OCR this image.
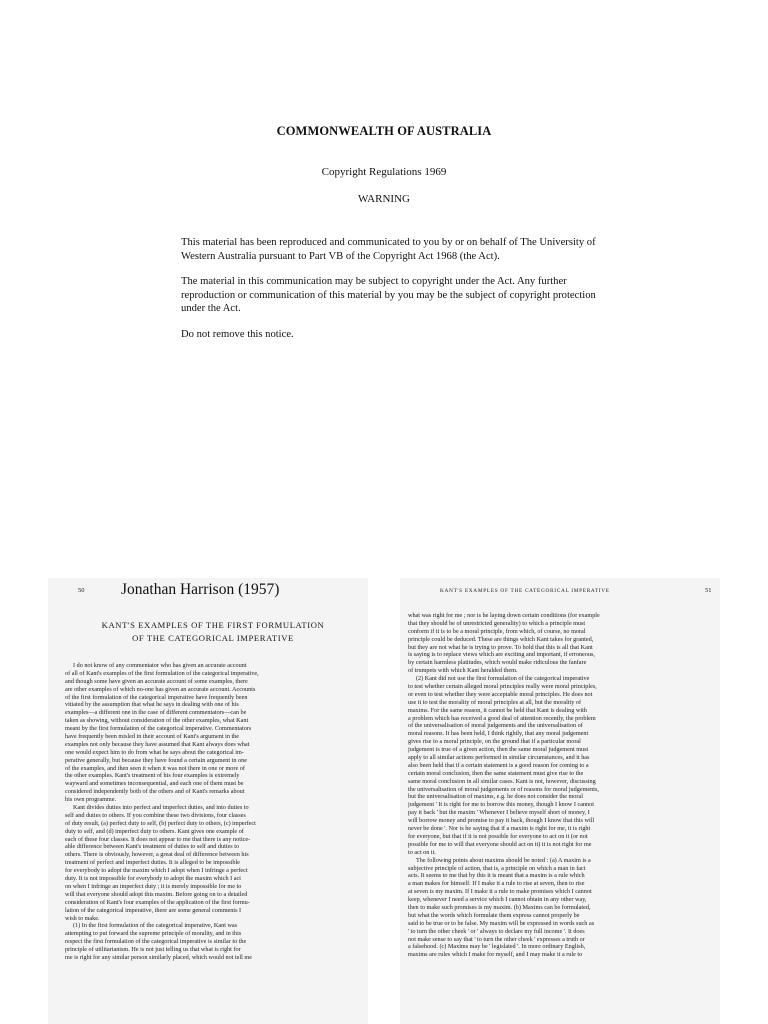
COMMONWEALTH OF AUSTRALIA
Copyright Regulations 1969
WARNING

This material has been reproduced and communicated to you by or on behalf of The University of Western Australia pursuant to Part VB of the Copyright Act 1968 (the Act).

The material in this communication may be subject to copyright under the Act. Any further reproduction or communication of this material by you may be the subject of copyright protection under the Act.

Do not remove this notice.

50 Jonathan Harrison (1957)
KANT'S EXAMPLES OF THE FIRST FORMULATION
OF THE CATEGORICAL IMPERATIVE
I do not know of any commentator who has given an accurate account
of all of Kant's examples of the first formulation of the categorical imperative,
and though some have given an accurate account of some examples, there
are other examples of which no-one has given an accurate account. Accounts
of the first formulation of the categorical imperative have frequently been
vitiated by the assumption that what he says in dealing with one of his
examples—a different one in the case of different commentators—can be
taken as showing, without consideration of the other examples, what Kant
meant by the first formulation of the categorical imperative. Commentators
have frequently been misled in their account of Kant's argument in the
examples not only because they have assumed that Kant always does what
one would expect him to do from what he says about the categorical im-
perative generally, but because they have found a certain argument in one
of the examples, and then seen it when it was not there in one or more of
the other examples. Kant's treatment of his four examples is extremely
wayward and sometimes inconsequential, and each one of them must be
considered independently both of the others and of Kant's remarks about
his own programme.
Kant divides duties into perfect and imperfect duties, and into duties to
self and duties to others. If you combine these two divisions, four classes
of duty result, (a) perfect duty to self, (b) perfect duty to others, (c) imperfect
duty to self, and (d) imperfect duty to others. Kant gives one example of
each of these four classes. It does not appear to me that there is any notice-
able difference between Kant's treatment of duties to self and duties to
others. There is obviously, however, a great deal of difference between his
treatment of perfect and imperfect duties. It is alleged to be impossible
for everybody to adopt the maxim which I adopt when I infringe a perfect
duty. It is not impossible for everybody to adopt the maxim which I act
on when I infringe an imperfect duty ; it is merely impossible for me to
will that everyone should adopt this maxim. Before going on to a detailed
consideration of Kant's four examples of the application of the first formu-
lation of the categorical imperative, there are some general comments I
wish to make.
(1) In the first formulation of the categorical imperative, Kant was
attempting to put forward the supreme principle of morality, and in this
respect the first formulation of the categorical imperative is similar to the
principle of utilitarianism. He is not just telling us that what is right for
me is right for any similar person similarly placed, which would not tell me
KANT'S EXAMPLES OF THE CATEGORICAL IMPERATIVE	51
what was right for me ; nor is he laying down certain conditions (for example
that they should be of unrestricted generality) to which a principle must
conform if it is to be a moral principle, from which, of course, no moral
principle could be deduced. These are things which Kant takes for granted,
but they are not what he is trying to prove. To hold that this is all that Kant
is saying is to replace views which are exciting and important, if erroneous,
by certain harmless platitudes, which would make ridiculous the fanfare
of trumpets with which Kant heralded them.
(2) Kant did not use the first formulation of the categorical imperative
to test whether certain alleged moral principles really were moral principles,
or even to test whether they were acceptable moral principles. He does not
use it to test the morality of moral principles at all, but the morality of
maxims. For the same reason, it cannot be held that Kant is dealing with
a problem which has received a good deal of attention recently, the problem
of the universalisation of moral judgements and the universalisation of
moral reasons. It has been held, I think rightly, that any moral judgement
gives rise to a moral principle, on the ground that if a particular moral
judgement is true of a given action, then the same moral judgement must
apply to all similar actions performed in similar circumstances, and it has
also been held that if a certain statement is a good reason for coming to a
certain moral conclusion, then the same statement must give rise to the
same moral conclusion in all similar cases. Kant is not, however, discussing
the universalisation of moral judgements or of reasons for moral judgements,
but the universalisation of maxims, e.g. he does not consider the moral
judgement ' It is right for me to borrow this money, though I know I cannot
pay it back ' but the maxim ' Whenever I believe myself short of money, I
will borrow money and promise to pay it back, though I know that this will
never be done '. Nor is he saying that if a maxim is right for me, it is right
for everyone, but that if it is not possible for everyone to act on it (or not
possible for me to will that everyone should act on it) it is not right for me
to act on it.
The following points about maxims should be noted : (a) A maxim is a
subjective principle of action, that is, a principle on which a man in fact
acts. It seems to me that by this it is meant that a maxim is a rule which
a man makes for himself. If I make it a rule to rise at seven, then to rise
at seven is my maxim. If I make it a rule to make promises which I cannot
keep, whenever I need a service which I cannot obtain in any other way,
then to make such promises is my maxim. (b) Maxims can be formulated,
but what the words which formulate them express cannot properly be
said to be true or to be false. My maxim will be expressed in words such as
' to turn the other cheek ' or ' always to declare my full income '. It does
not make sense to say that ' to turn the other cheek ' expresses a truth or
a falsehood. (c) Maxims may be ' legislated '. In more ordinary English,
maxims are rules which I make for myself, and I may make it a rule to
